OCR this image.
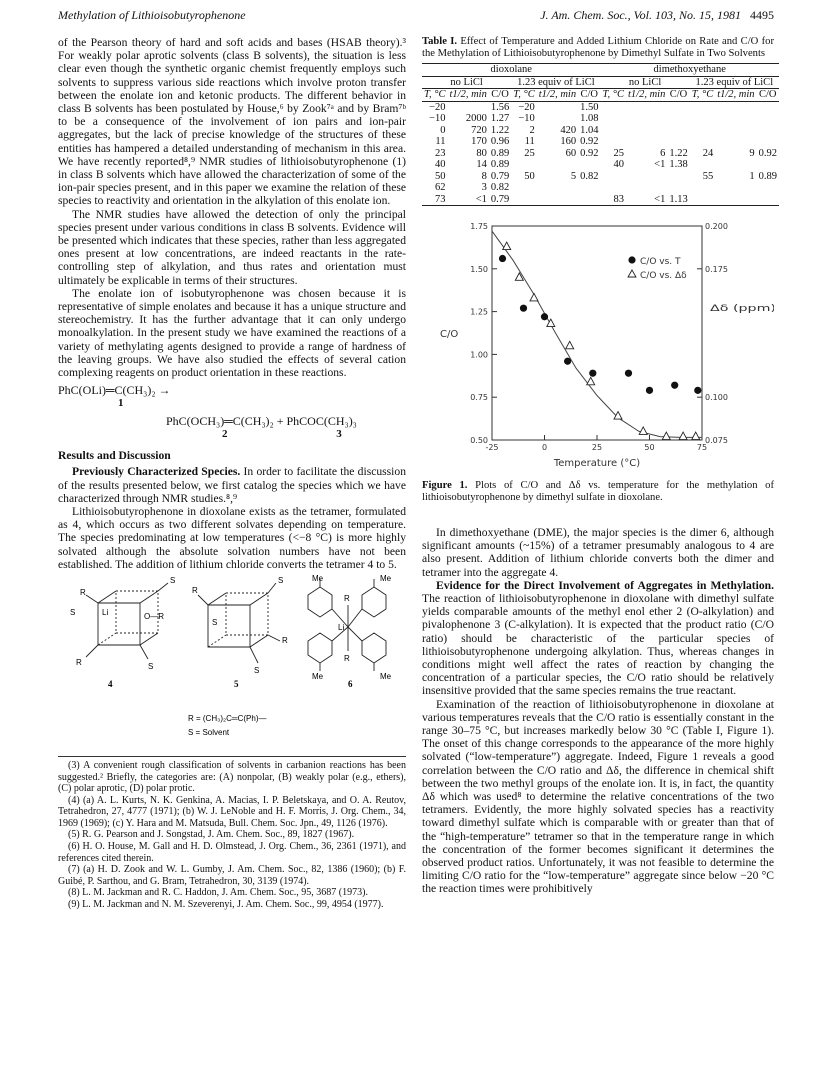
Methylation of Lithioisobutyrophenone	J. Am. Chem. Soc., Vol. 103, No. 15, 1981 4495

of the Pearson theory of hard and soft acids and bases (HSAB theory).³ For weakly polar aprotic solvents (class B solvents), the situation is less clear even though the synthetic organic chemist frequently employs such solvents to suppress various side reactions which involve proton transfer between the enolate ion and ketonic products. The different behavior in class B solvents has been postulated by House,⁶ by Zook⁷ᵃ and by Bram⁷ᵇ to be a consequence of the involvement of ion pairs and ion-pair aggregates, but the lack of precise knowledge of the structures of these entities has hampered a detailed understanding of mechanism in this area. We have recently reported⁸,⁹ NMR studies of lithioisobutyrophenone (1) in class B solvents which have allowed the characterization of some of the ion-pair species present, and in this paper we examine the relation of these species to reactivity and orientation in the alkylation of this enolate ion.

The NMR studies have allowed the detection of only the principal species present under various conditions in class B solvents. Evidence will be presented which indicates that these species, rather than less aggregated ones present at low concentrations, are indeed reactants in the rate-controlling step of alkylation, and thus rates and orientation must ultimately be explicable in terms of their structures.

The enolate ion of isobutyrophenone was chosen because it is representative of simple enolates and because it has a unique structure and stereochemistry. It has the further advantage that it can only undergo monoalkylation. In the present study we have examined the reactions of a variety of methylating agents designed to provide a range of hardness of the leaving groups. We have also studied the effects of several cation complexing reagents on product orientation in these reactions.

PhC(OLi)═C(CH₃)₂ →
1
PhC(OCH₃)═C(CH₃)₂ + PhCOC(CH₃)₃
2	3
Results and Discussion

Previously Characterized Species. In order to facilitate the discussion of the results presented below, we first catalog the species which we have characterized through NMR studies.⁸,⁹

Lithioisobutyrophenone in dioxolane exists as the tetramer, formulated as 4, which occurs as two different solvates depending on temperature. The species predominating at low temperatures (<−8 °C) is more highly solvated although the absolute solvation numbers have not been established. The addition of lithium chloride converts the tetramer 4 to 5.

R
S
S	O—R
R	S
Li
4
R
S
S
R
S
5
Me	Me
Me	Me
R
R
Li
6
R = (CH₃)₂C═C(Ph)—
S = Solvent
(3) A convenient rough classification of solvents in carbanion reactions has been suggested.² Briefly, the categories are: (A) nonpolar, (B) weakly polar (e.g., ethers), (C) polar aprotic, (D) polar protic.
(4) (a) A. L. Kurts, N. K. Genkina, A. Macias, I. P. Beletskaya, and O. A. Reutov, Tetrahedron, 27, 4777 (1971); (b) W. J. LeNoble and H. F. Morris, J. Org. Chem., 34, 1969 (1969); (c) Y. Hara and M. Matsuda, Bull. Chem. Soc. Jpn., 49, 1126 (1976).
(5) R. G. Pearson and J. Songstad, J. Am. Chem. Soc., 89, 1827 (1967).
(6) H. O. House, M. Gall and H. D. Olmstead, J. Org. Chem., 36, 2361 (1971), and references cited therein.
(7) (a) H. D. Zook and W. L. Gumby, J. Am. Chem. Soc., 82, 1386 (1960); (b) F. Guibé, P. Sarthou, and G. Bram, Tetrahedron, 30, 3139 (1974).
(8) L. M. Jackman and R. C. Haddon, J. Am. Chem. Soc., 95, 3687 (1973).
(9) L. M. Jackman and N. M. Szeverenyi, J. Am. Chem. Soc., 99, 4954 (1977).
Table I. Effect of Temperature and Added Lithium Chloride on Rate and C/O for the Methylation of Lithioisobutyrophenone by Dimethyl Sulfate in Two Solvents
dioxolane						dimethoxyethane					
no LiCl			1.23 equiv of LiCl			no LiCl			1.23 equiv of LiCl		
T, °C	t1/2, min	C/O	T, °C	t1/2, min	C/O	T, °C	t1/2, min	C/O	T, °C	t1/2, min	C/O
−20		1.56	−20		1.50						
−10	2000	1.27	−10		1.08						
0	720	1.22	2	420	1.04						
11	170	0.96	11	160	0.92						
23	80	0.89	25	60	0.92	25	6	1.22	24	9	0.92
40	14	0.89				40	<1	1.38			
50	8	0.79	50	5	0.82				55	1	0.89
62	3	0.82									
73	<1	0.79				83	<1	1.13			
-25	0	25	50	75
0.50
0.75
1.00
1.25
1.50
1.75
0.075
0.100
0.175
0.200
Temperature (°C)
C/O
Δδ (ppm)
C/O vs. T
C/O vs. Δδ
Figure 1. Plots of C/O and Δδ vs. temperature for the methylation of lithioisobutyrophenone by dimethyl sulfate in dioxolane.

In dimethoxyethane (DME), the major species is the dimer 6, although significant amounts (~15%) of a tetramer presumably analogous to 4 are also present. Addition of lithium chloride converts both the dimer and tetramer into the aggregate 4.

Evidence for the Direct Involvement of Aggregates in Methylation. The reaction of lithioisobutyrophenone in dioxolane with dimethyl sulfate yields comparable amounts of the methyl enol ether 2 (O-alkylation) and pivalophenone 3 (C-alkylation). It is expected that the product ratio (C/O ratio) should be characteristic of the particular species of lithioisobutyrophenone undergoing alkylation. Thus, whereas changes in conditions might well affect the rates of reaction by changing the concentration of a particular species, the C/O ratio should be relatively insensitive provided that the same species remains the true reactant.

Examination of the reaction of lithioisobutyrophenone in dioxolane at various temperatures reveals that the C/O ratio is essentially constant in the range 30–75 °C, but increases markedly below 30 °C (Table I, Figure 1). The onset of this change corresponds to the appearance of the more highly solvated (“low-temperature”) aggregate. Indeed, Figure 1 reveals a good correlation between the C/O ratio and Δδ, the difference in chemical shift between the two methyl groups of the enolate ion. It is, in fact, the quantity Δδ which was used⁸ to determine the relative concentrations of the two tetramers. Evidently, the more highly solvated species has a reactivity toward dimethyl sulfate which is comparable with or greater than that of the “high-temperature” tetramer so that in the temperature range in which the concentration of the former becomes significant it determines the observed product ratios. Unfortunately, it was not feasible to determine the limiting C/O ratio for the “low-temperature” aggregate since below −20 °C the reaction times were prohibitively
